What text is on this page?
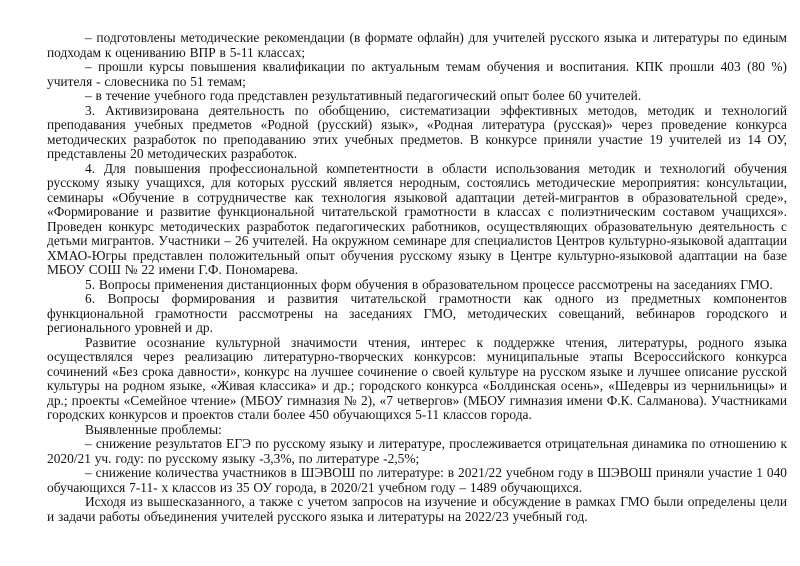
– подготовлены методические рекомендации (в формате офлайн) для учителей русского языка и литературы по единым подходам к оцениванию ВПР в 5-11 классах;

– прошли курсы повышения квалификации по актуальным темам обучения и воспитания. КПК прошли 403 (80 %) учителя - словесника по 51 темам;

– в течение учебного года представлен результативный педагогический опыт более 60 учителей.

3. Активизирована деятельность по обобщению, систематизации эффективных методов, методик и технологий преподавания учебных предметов «Родной (русский) язык», «Родная литература (русская)» через проведение конкурса методических разработок по преподаванию этих учебных предметов. В конкурсе приняли участие 19 учителей из 14 ОУ, представлены 20 методических разработок.

4. Для повышения профессиональной компетентности в области использования методик и технологий обучения русскому языку учащихся, для которых русский является неродным, состоялись методические мероприятия: консультации, семинары «Обучение в сотрудничестве как технология языковой адаптации детей-мигрантов в образовательной среде», «Формирование и развитие функциональной читательской грамотности в классах с полиэтническим составом учащихся». Проведен конкурс методических разработок педагогических работников, осуществляющих образовательную деятельность с детьми мигрантов. Участники – 26 учителей. На окружном семинаре для специалистов Центров культурно-языковой адаптации ХМАО-Югры представлен положительный опыт обучения русскому языку в Центре культурно-языковой адаптации на базе МБОУ СОШ № 22 имени Г.Ф. Пономарева.

5. Вопросы применения дистанционных форм обучения в образовательном процессе рассмотрены на заседаниях ГМО.

6. Вопросы формирования и развития читательской грамотности как одного из предметных компонентов функциональной грамотности рассмотрены на заседаниях ГМО, методических совещаний, вебинаров городского и регионального уровней и др.

Развитие осознание культурной значимости чтения, интерес к поддержке чтения, литературы, родного языка осуществлялся через реализацию литературно-творческих конкурсов: муниципальные этапы Всероссийского конкурса сочинений «Без срока давности», конкурс на лучшее сочинение о своей культуре на русском языке и лучшее описание русской культуры на родном языке, «Живая классика» и др.; городского конкурса «Болдинская осень», «Шедевры из чернильницы» и др.; проекты «Семейное чтение» (МБОУ гимназия № 2), «7 четвергов» (МБОУ гимназия имени Ф.К. Салманова). Участниками городских конкурсов и проектов стали более 450 обучающихся 5-11 классов города.

Выявленные проблемы:

– снижение результатов ЕГЭ по русскому языку и литературе, прослеживается отрицательная динамика по отношению к 2020/21 уч. году: по русскому языку -3,3%, по литературе -2,5%;

– снижение количества участников в ШЭВОШ по литературе: в 2021/22 учебном году в ШЭВОШ приняли участие 1 040 обучающихся 7-11- х классов из 35 ОУ города, в 2020/21 учебном году – 1489 обучающихся.

Исходя из вышесказанного, а также с учетом запросов на изучение и обсуждение в рамках ГМО были определены цели и задачи работы объединения учителей русского языка и литературы на 2022/23 учебный год.
